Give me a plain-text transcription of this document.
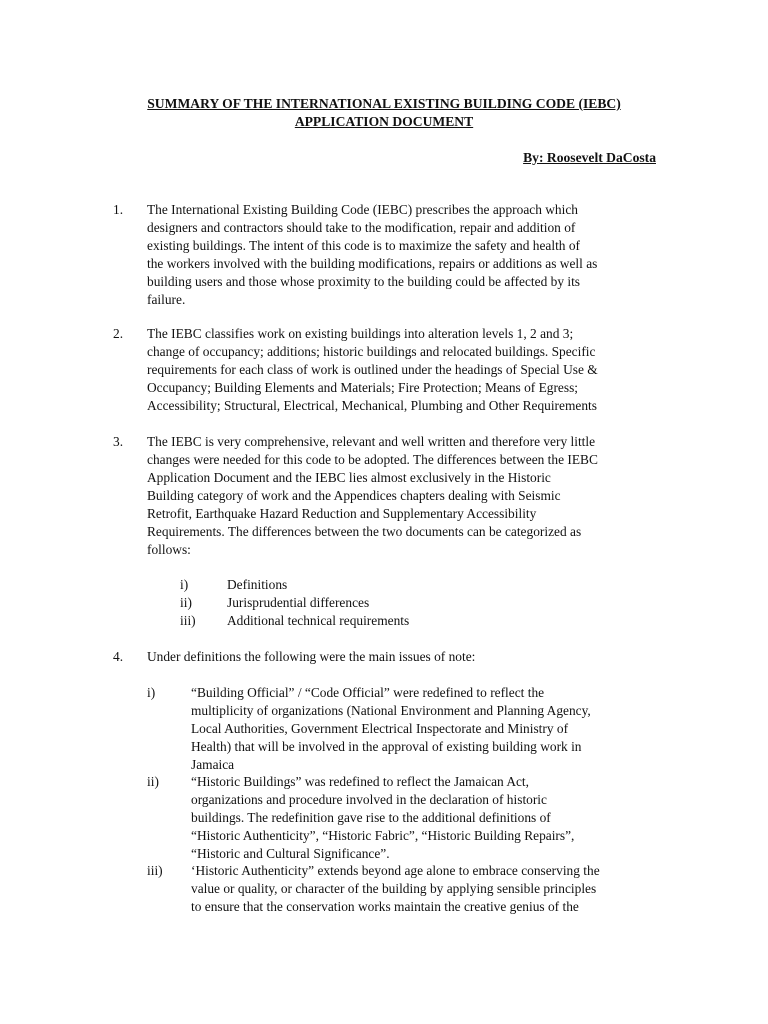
SUMMARY OF THE INTERNATIONAL EXISTING BUILDING CODE (IEBC)
APPLICATION DOCUMENT
By: Roosevelt DaCosta
1. The International Existing Building Code (IEBC) prescribes the approach which
designers and contractors should take to the modification, repair and addition of
existing buildings. The intent of this code is to maximize the safety and health of
the workers involved with the building modifications, repairs or additions as well as
building users and those whose proximity to the building could be affected by its
failure.
2. The IEBC classifies work on existing buildings into alteration levels 1, 2 and 3;
change of occupancy; additions; historic buildings and relocated buildings. Specific
requirements for each class of work is outlined under the headings of Special Use &
Occupancy; Building Elements and Materials; Fire Protection; Means of Egress;
Accessibility; Structural, Electrical, Mechanical, Plumbing and Other Requirements
3. The IEBC is very comprehensive, relevant and well written and therefore very little
changes were needed for this code to be adopted. The differences between the IEBC
Application Document and the IEBC lies almost exclusively in the Historic
Building category of work and the Appendices chapters dealing with Seismic
Retrofit, Earthquake Hazard Reduction and Supplementary Accessibility
Requirements. The differences between the two documents can be categorized as
follows:
i)	Definitions
ii)	Jurisprudential differences
iii) Additional technical requirements
4. Under definitions the following were the main issues of note:
i)	“Building Official” / “Code Official” were redefined to reflect the
multiplicity of organizations (National Environment and Planning Agency,
Local Authorities, Government Electrical Inspectorate and Ministry of
Health) that will be involved in the approval of existing building work in
Jamaica
ii) “Historic Buildings” was redefined to reflect the Jamaican Act,
organizations and procedure involved in the declaration of historic
buildings. The redefinition gave rise to the additional definitions of
“Historic Authenticity”, “Historic Fabric”, “Historic Building Repairs”,
“Historic and Cultural Significance”.
iii) ‘Historic Authenticity” extends beyond age alone to embrace conserving the
value or quality, or character of the building by applying sensible principles
to ensure that the conservation works maintain the creative genius of the
